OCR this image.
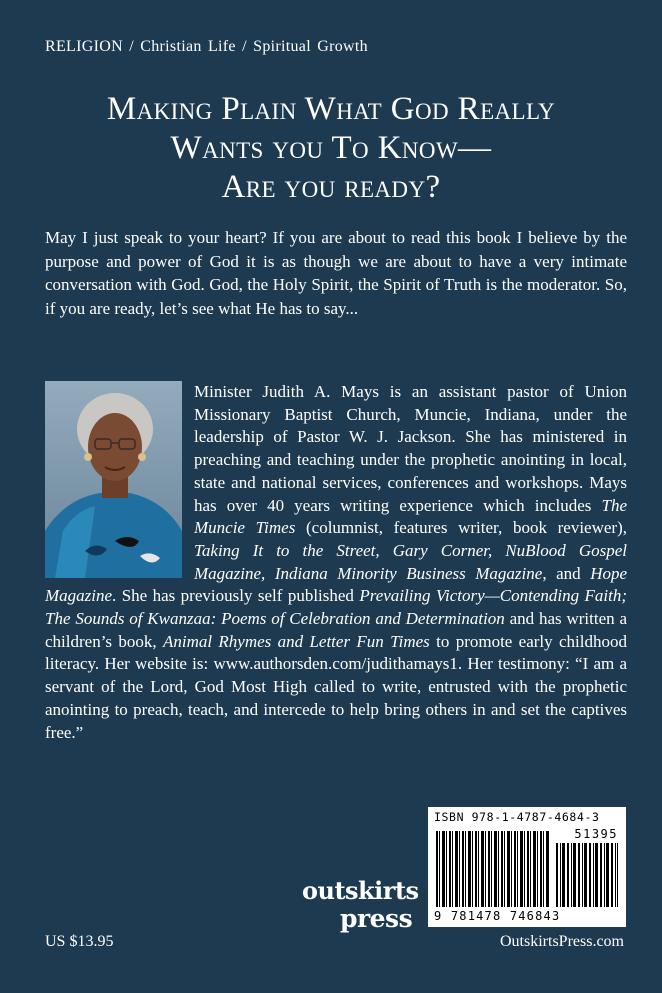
RELIGION / Christian Life / Spiritual Growth
Making Plain What God Really
Wants you To Know—
Are you ready?
May I just speak to your heart? If you are about to read this book I believe by the purpose and power of God it is as though we are about to have a very intimate conversation with God. God, the Holy Spirit, the Spirit of Truth is the moderator. So, if you are ready, let’s see what He has to say...
Minister Judith A. Mays is an assistant pastor of Union Missionary Baptist Church, Muncie, Indiana, under the leadership of Pastor W. J. Jackson. She has ministered in preaching and teaching under the prophetic anointing in local, state and national services, conferences and workshops. Mays has over 40 years writing experience which includes The Muncie Times (columnist, features writer, book reviewer), Taking It to the Street, Gary Corner, NuBlood Gospel Magazine, Indiana Minority Business Magazine, and Hope Magazine. She has previously self published Prevailing Victory—Contending Faith; The Sounds of Kwanzaa: Poems of Celebration and Determination and has written a children’s book, Animal Rhymes and Letter Fun Times to promote early childhood literacy. Her website is: www.authorsden.com/judithamays1. Her testimony: “I am a servant of the Lord, God Most High called to write, entrusted with the prophetic anointing to preach, teach, and intercede to help bring others in and set the captives free.”
ISBN 978-1-4787-4684-3
51395
9 781478 746843
outskirts
press
US $13.95	OutskirtsPress.com
